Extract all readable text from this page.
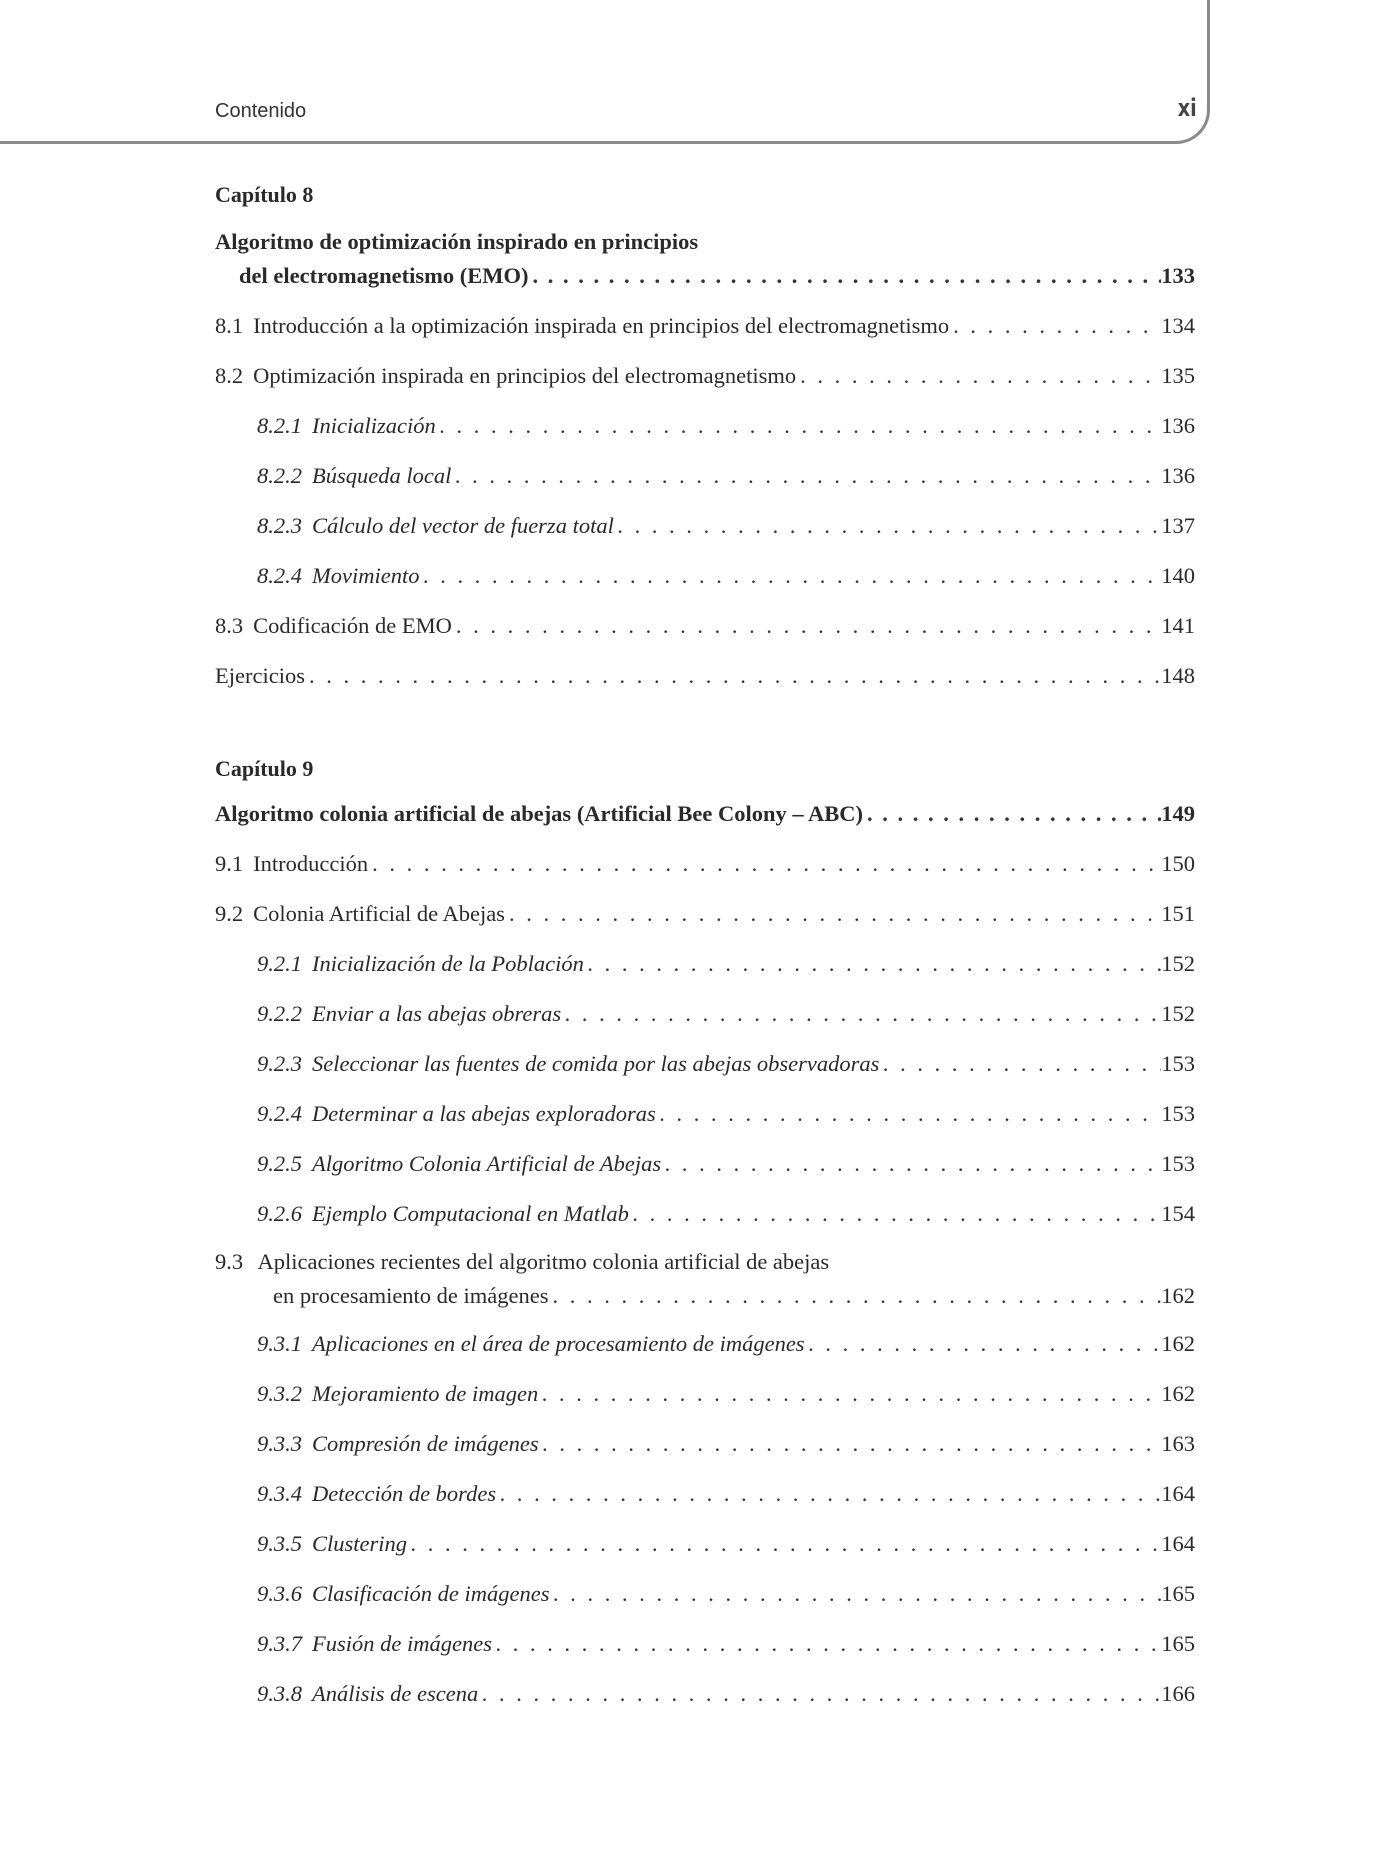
Contenido	xi
Capítulo 8
Algoritmo de optimización inspirado en principios
del electromagnetismo (EMO) . . .	133
8.1 Introducción a la optimización inspirada en principios del electromagnetismo . . .	134
8.2 Optimización inspirada en principios del electromagnetismo . . .	135
8.2.1 Inicialización . . .	136
8.2.2 Búsqueda local . . .	136
8.2.3 Cálculo del vector de fuerza total . . .	137
8.2.4 Movimiento . . .	140
8.3 Codificación de EMO . . .	141
Ejercicios . . .	148
Capítulo 9
Algoritmo colonia artificial de abejas (Artificial Bee Colony – ABC) . . .	149
9.1 Introducción . . .	150
9.2 Colonia Artificial de Abejas . . .	151
9.2.1 Inicialización de la Población . . .	152
9.2.2 Enviar a las abejas obreras . . .	152
9.2.3 Seleccionar las fuentes de comida por las abejas observadoras . . .	153
9.2.4 Determinar a las abejas exploradoras . . .	153
9.2.5 Algoritmo Colonia Artificial de Abejas . . .	153
9.2.6 Ejemplo Computacional en Matlab . . .	154
9.3 Aplicaciones recientes del algoritmo colonia artificial de abejas
en procesamiento de imágenes . . .	162
9.3.1 Aplicaciones en el área de procesamiento de imágenes . . .	162
9.3.2 Mejoramiento de imagen . . .	162
9.3.3 Compresión de imágenes . . .	163
9.3.4 Detección de bordes . . .	164
9.3.5 Clustering . . .	164
9.3.6 Clasificación de imágenes . . .	165
9.3.7 Fusión de imágenes . . .	165
9.3.8 Análisis de escena . . .	166
